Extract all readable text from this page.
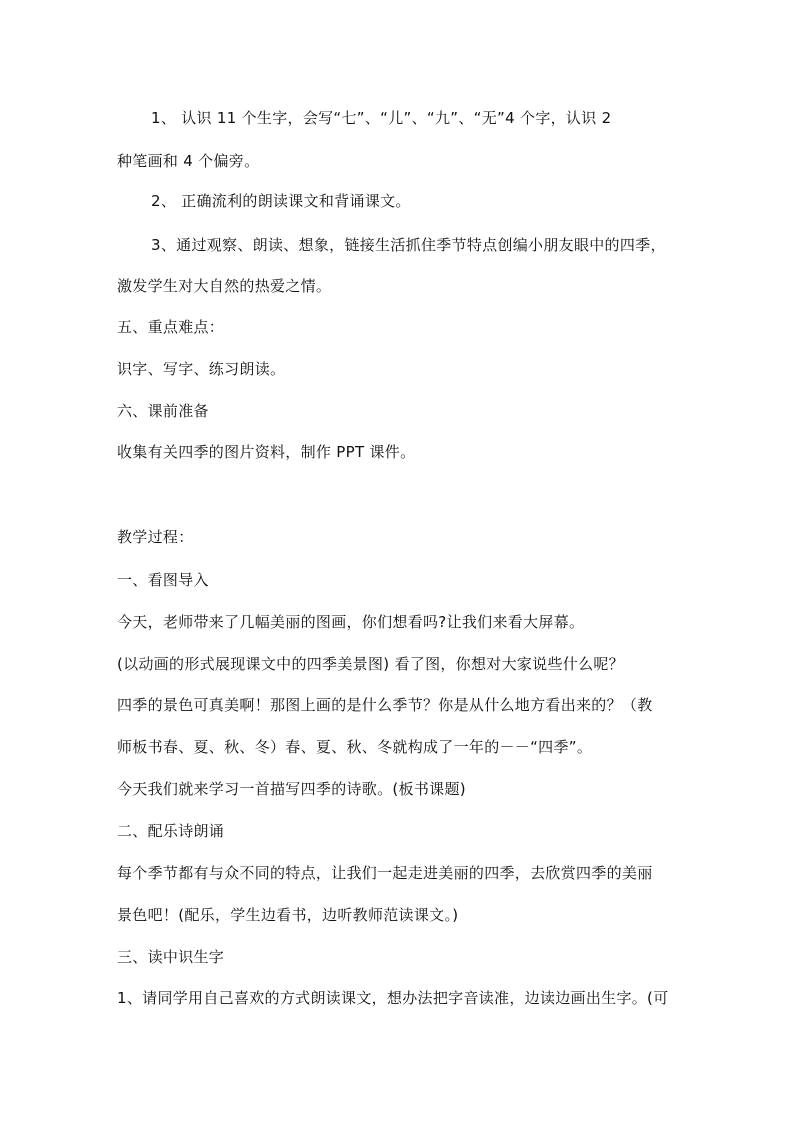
1、 认识 11 个生字，会写“七”、“儿”、“九”、“无”4 个字，认识 2
种笔画和 4 个偏旁。
2、 正确流利的朗读课文和背诵课文。
3、通过观察、朗读、想象，链接生活抓住季节特点创编小朋友眼中的四季，
激发学生对大自然的热爱之情。
五、重点难点：
识字、写字、练习朗读。
六、课前准备
收集有关四季的图片资料，制作 PPT 课件。
教学过程：
一、看图导入
今天，老师带来了几幅美丽的图画，你们想看吗?让我们来看大屏幕。
(以动画的形式展现课文中的四季美景图) 看了图，你想对大家说些什么呢？
四季的景色可真美啊！那图上画的是什么季节？你是从什么地方看出来的？（教
师板书春、夏、秋、冬）春、夏、秋、冬就构成了一年的－－“四季”。
今天我们就来学习一首描写四季的诗歌。(板书课题)
二、配乐诗朗诵
每个季节都有与众不同的特点，让我们一起走进美丽的四季，去欣赏四季的美丽
景色吧！(配乐，学生边看书，边听教师范读课文。)
三、读中识生字
1、请同学用自己喜欢的方式朗读课文，想办法把字音读准，边读边画出生字。(可
